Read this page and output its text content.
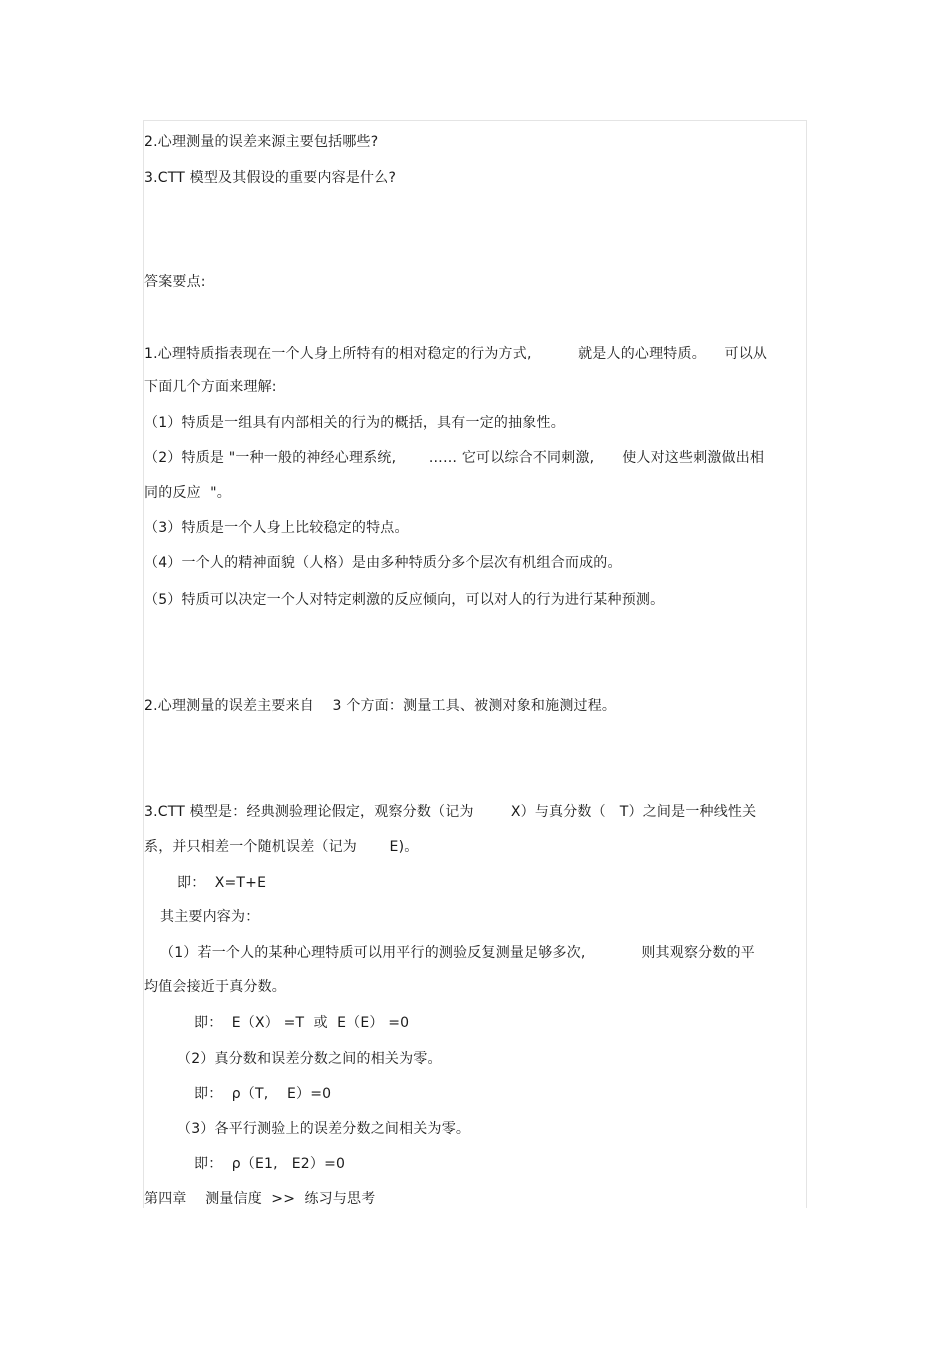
2.心理测量的误差来源主要包括哪些?
3.CTT 模型及其假设的重要内容是什么?
答案要点:
1.心理特质指表现在一个人身上所特有的相对稳定的行为方式,          就是人的心理特质。    可以从
下面几个方面来理解:
（1）特质是一组具有内部相关的行为的概括，具有一定的抽象性。
（2）特质是 "一种一般的神经心理系统,       …… 它可以综合不同刺激,      使人对这些刺激做出相
同的反应  "。
（3）特质是一个人身上比较稳定的特点。
（4）一个人的精神面貌（人格）是由多种特质分多个层次有机组合而成的。
（5）特质可以决定一个人对特定刺激的反应倾向，可以对人的行为进行某种预测。
2.心理测量的误差主要来自    3 个方面：测量工具、被测对象和施测过程。
3.CTT 模型是：经典测验理论假定，观察分数（记为        X）与真分数（   T）之间是一种线性关
系，并只相差一个随机误差（记为       E)。
即：  X=T+E
其主要内容为：
（1）若一个人的某种心理特质可以用平行的测验反复测量足够多次,            则其观察分数的平
均值会接近于真分数。
即：  E（X） =T  或  E（E） =0
（2）真分数和误差分数之间的相关为零。
即：  ρ（T,    E）=0
（3）各平行测验上的误差分数之间相关为零。
即：  ρ（E1,   E2）=0
第四章    测量信度  >>  练习与思考
